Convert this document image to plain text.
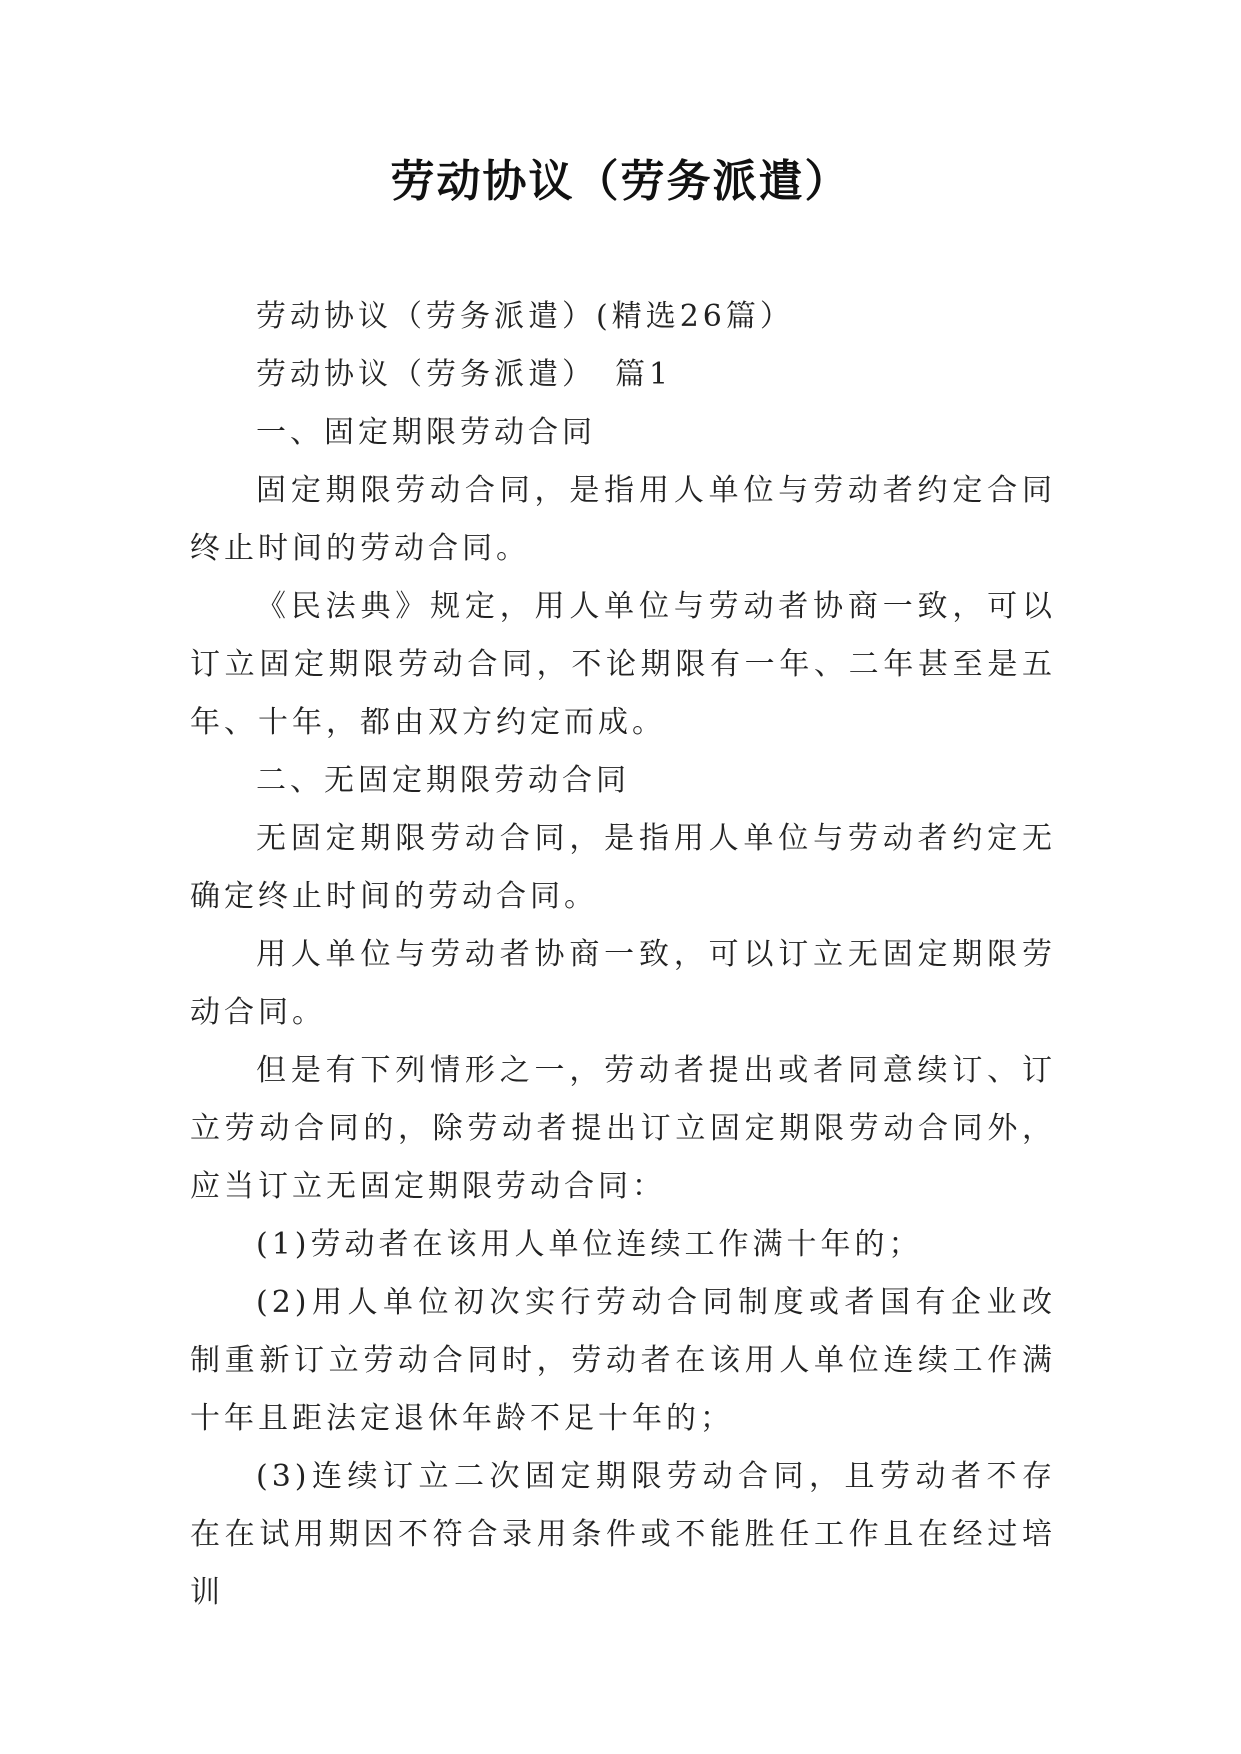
劳动协议（劳务派遣）

劳动协议（劳务派遣）(精选26篇）

劳动协议（劳务派遣）　篇1

一、固定期限劳动合同

固定期限劳动合同，是指用人单位与劳动者约定合同终止时间的劳动合同。

《民法典》规定，用人单位与劳动者协商一致，可以订立固定期限劳动合同，不论期限有一年、二年甚至是五年、十年，都由双方约定而成。

二、无固定期限劳动合同

无固定期限劳动合同，是指用人单位与劳动者约定无确定终止时间的劳动合同。

用人单位与劳动者协商一致，可以订立无固定期限劳动合同。

但是有下列情形之一，劳动者提出或者同意续订、订立劳动合同的，除劳动者提出订立固定期限劳动合同外，应当订立无固定期限劳动合同：

(1)劳动者在该用人单位连续工作满十年的；

(2)用人单位初次实行劳动合同制度或者国有企业改制重新订立劳动合同时，劳动者在该用人单位连续工作满十年且距法定退休年龄不足十年的；

(3)连续订立二次固定期限劳动合同，且劳动者不存在在试用期因不符合录用条件或不能胜任工作且在经过培训
